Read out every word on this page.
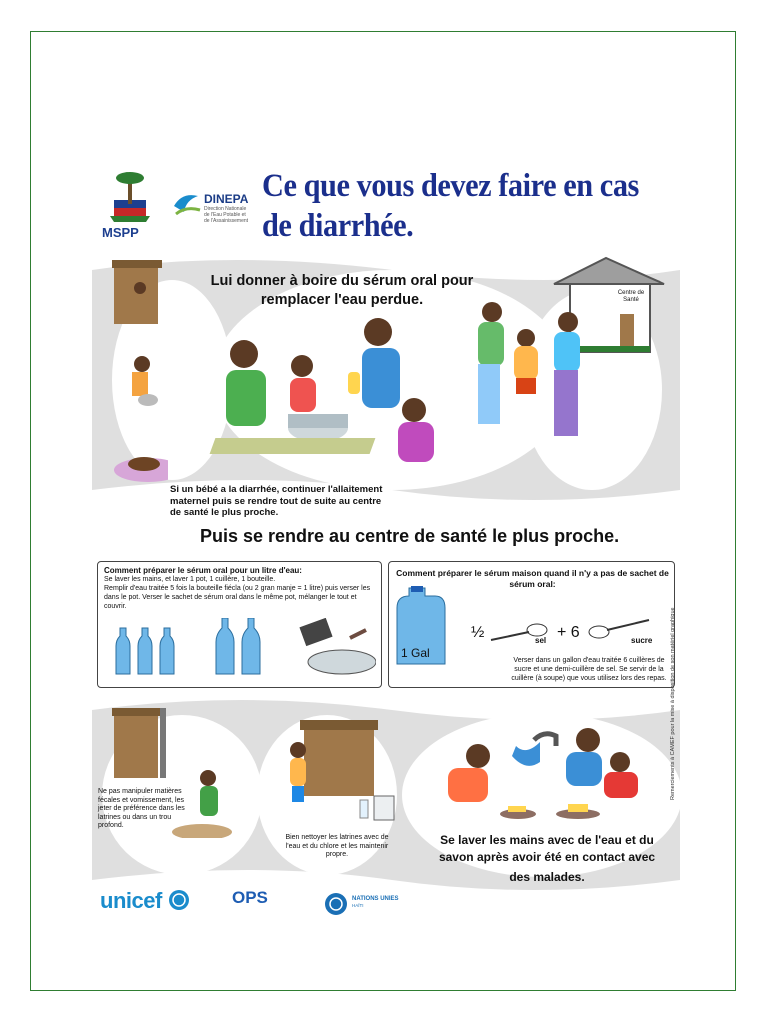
MSPP
DINEPA
Direction Nationale de l'Eau Potable et de l'Assainissement
Ce que vous devez faire en cas de diarrhée.
Lui donner à boire du sérum oral pour remplacer l'eau perdue.	Centre de Santé
Si un bébé a la diarrhée, continuer l'allaitement maternel puis se rendre tout de suite au centre de santé le plus proche.
Puis se rendre au centre de santé le plus proche.
Comment préparer le sérum oral pour un litre d'eau:

Se laver les mains, et laver 1 pot, 1 cuillère, 1 bouteille.

Remplir d'eau traitée 5 fois la bouteille fiécla (ou 2 gran manje = 1 litre) puis verser les dans le pot. Verser le sachet de sérum oral dans le même pot, mélanger le tout et couvrir.

Comment préparer le sérum maison quand il n'y a pas de sachet de sérum oral:
1 Gal
½	sel + 6	sucre
Verser dans un gallon d'eau traitée 6 cuillères de sucre et une demi-cuillère de sel. Se servir de la cuillère (à soupe) que vous utilisez lors des repas.
Ne pas manipuler matières fécales et vomissement, les jeter de préférence dans les latrines ou dans un trou profond.
Bien nettoyer les latrines avec de l'eau et du chlore et les maintenir propre.
Se laver les mains avec de l'eau et du savon après avoir été en contact avec
des malades.
Remerciements à CAMEF pour la mise à disposition de son matériel graphique
unicef	OPS	NATIONS UNIES
HAÏTI
